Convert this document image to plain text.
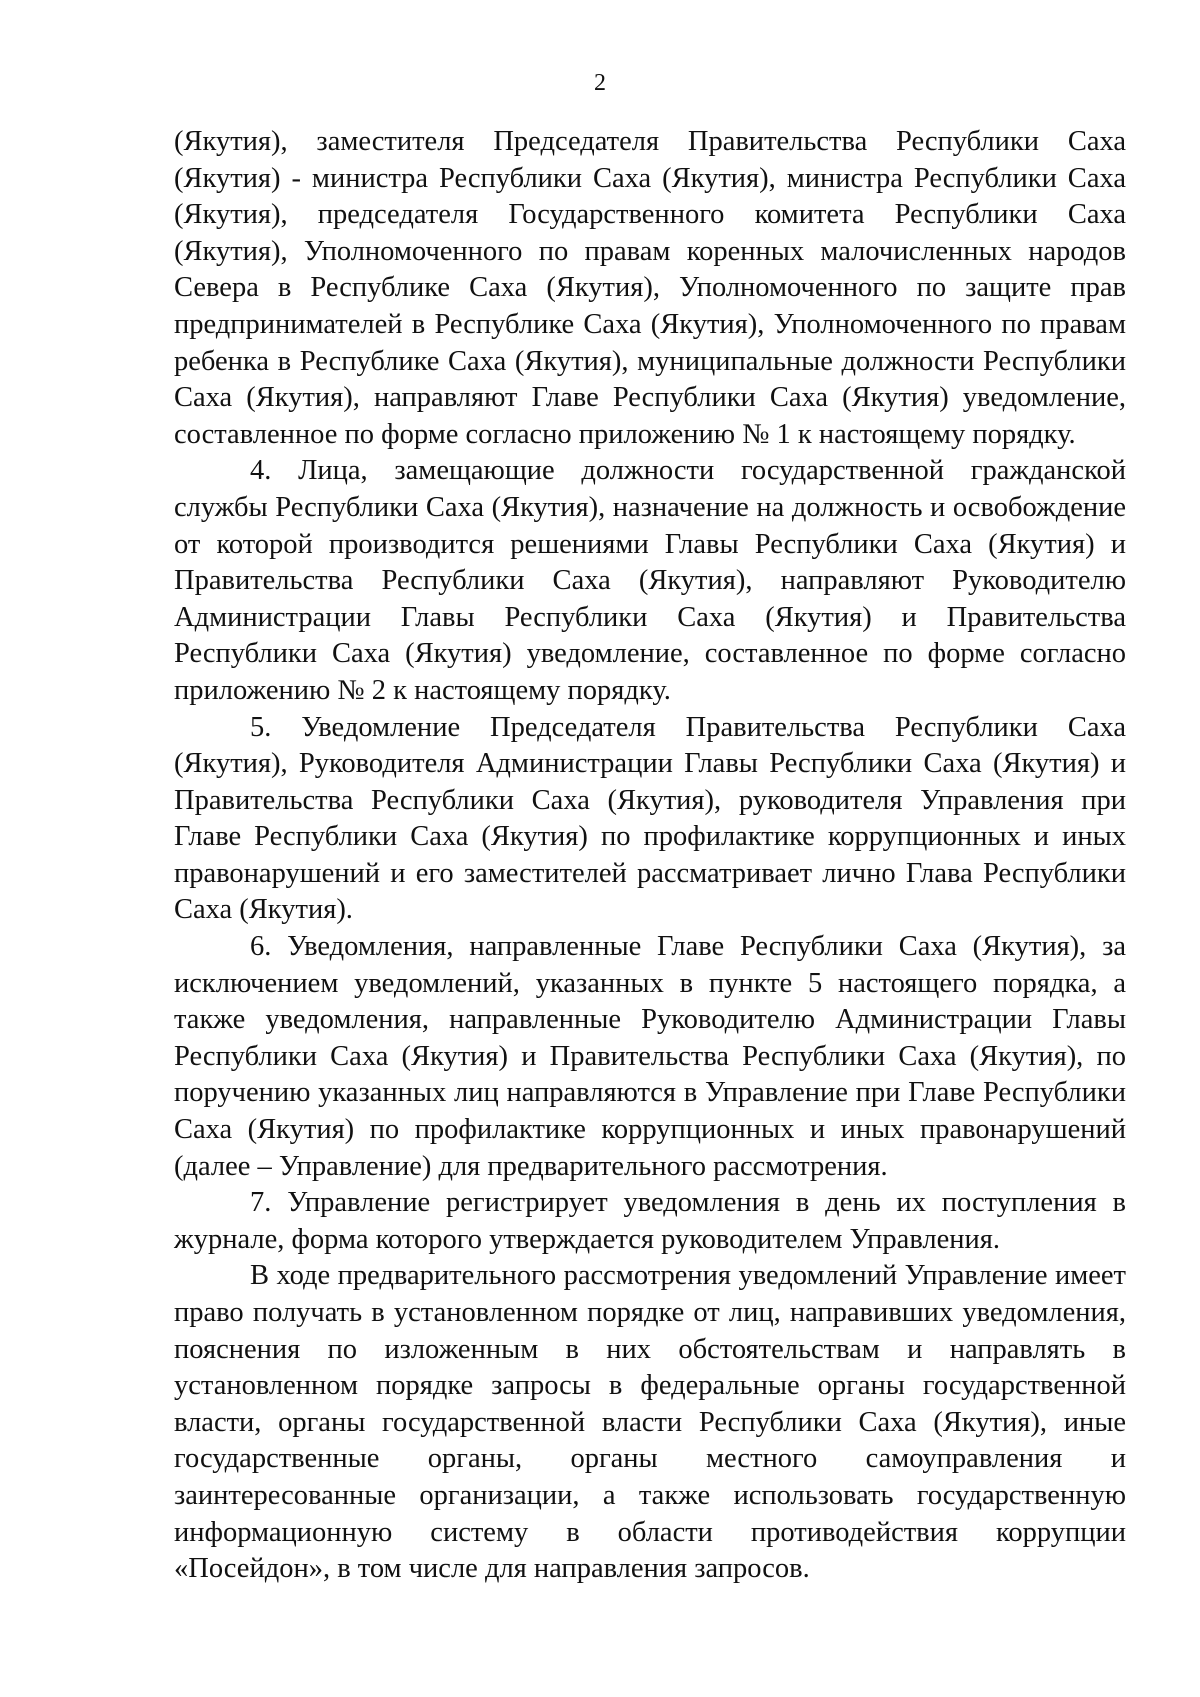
2

(Якутия), заместителя Председателя Правительства Республики Саха (Якутия) - министра Республики Саха (Якутия), министра Республики Саха (Якутия), председателя Государственного комитета Республики Саха (Якутия), Уполномоченного по правам коренных малочисленных народов Севера в Республике Саха (Якутия), Уполномоченного по защите прав предпринимателей в Республике Саха (Якутия), Уполномоченного по правам ребенка в Республике Саха (Якутия), муниципальные должности Республики Саха (Якутия), направляют Главе Республики Саха (Якутия) уведомление, составленное по форме согласно приложению № 1 к настоящему порядку.

4. Лица, замещающие должности государственной гражданской службы Республики Саха (Якутия), назначение на должность и освобождение от которой производится решениями Главы Республики Саха (Якутия) и Правительства Республики Саха (Якутия), направляют Руководителю Администрации Главы Республики Саха (Якутия) и Правительства Республики Саха (Якутия) уведомление, составленное по форме согласно приложению № 2 к настоящему порядку.

5. Уведомление Председателя Правительства Республики Саха (Якутия), Руководителя Администрации Главы Республики Саха (Якутия) и Правительства Республики Саха (Якутия), руководителя Управления при Главе Республики Саха (Якутия) по профилактике коррупционных и иных правонарушений и его заместителей рассматривает лично Глава Республики Саха (Якутия).

6. Уведомления, направленные Главе Республики Саха (Якутия), за исключением уведомлений, указанных в пункте 5 настоящего порядка, а также уведомления, направленные Руководителю Администрации Главы Республики Саха (Якутия) и Правительства Республики Саха (Якутия), по поручению указанных лиц направляются в Управление при Главе Республики Саха (Якутия) по профилактике коррупционных и иных правонарушений (далее – Управление) для предварительного рассмотрения.

7. Управление регистрирует уведомления в день их поступления в журнале, форма которого утверждается руководителем Управления.

В ходе предварительного рассмотрения уведомлений Управление имеет право получать в установленном порядке от лиц, направивших уведомления, пояснения по изложенным в них обстоятельствам и направлять в установленном порядке запросы в федеральные органы государственной власти, органы государственной власти Республики Саха (Якутия), иные государственные органы, органы местного самоуправления и заинтересованные организации, а также использовать государственную информационную систему в области противодействия коррупции «Посейдон», в том числе для направления запросов.
